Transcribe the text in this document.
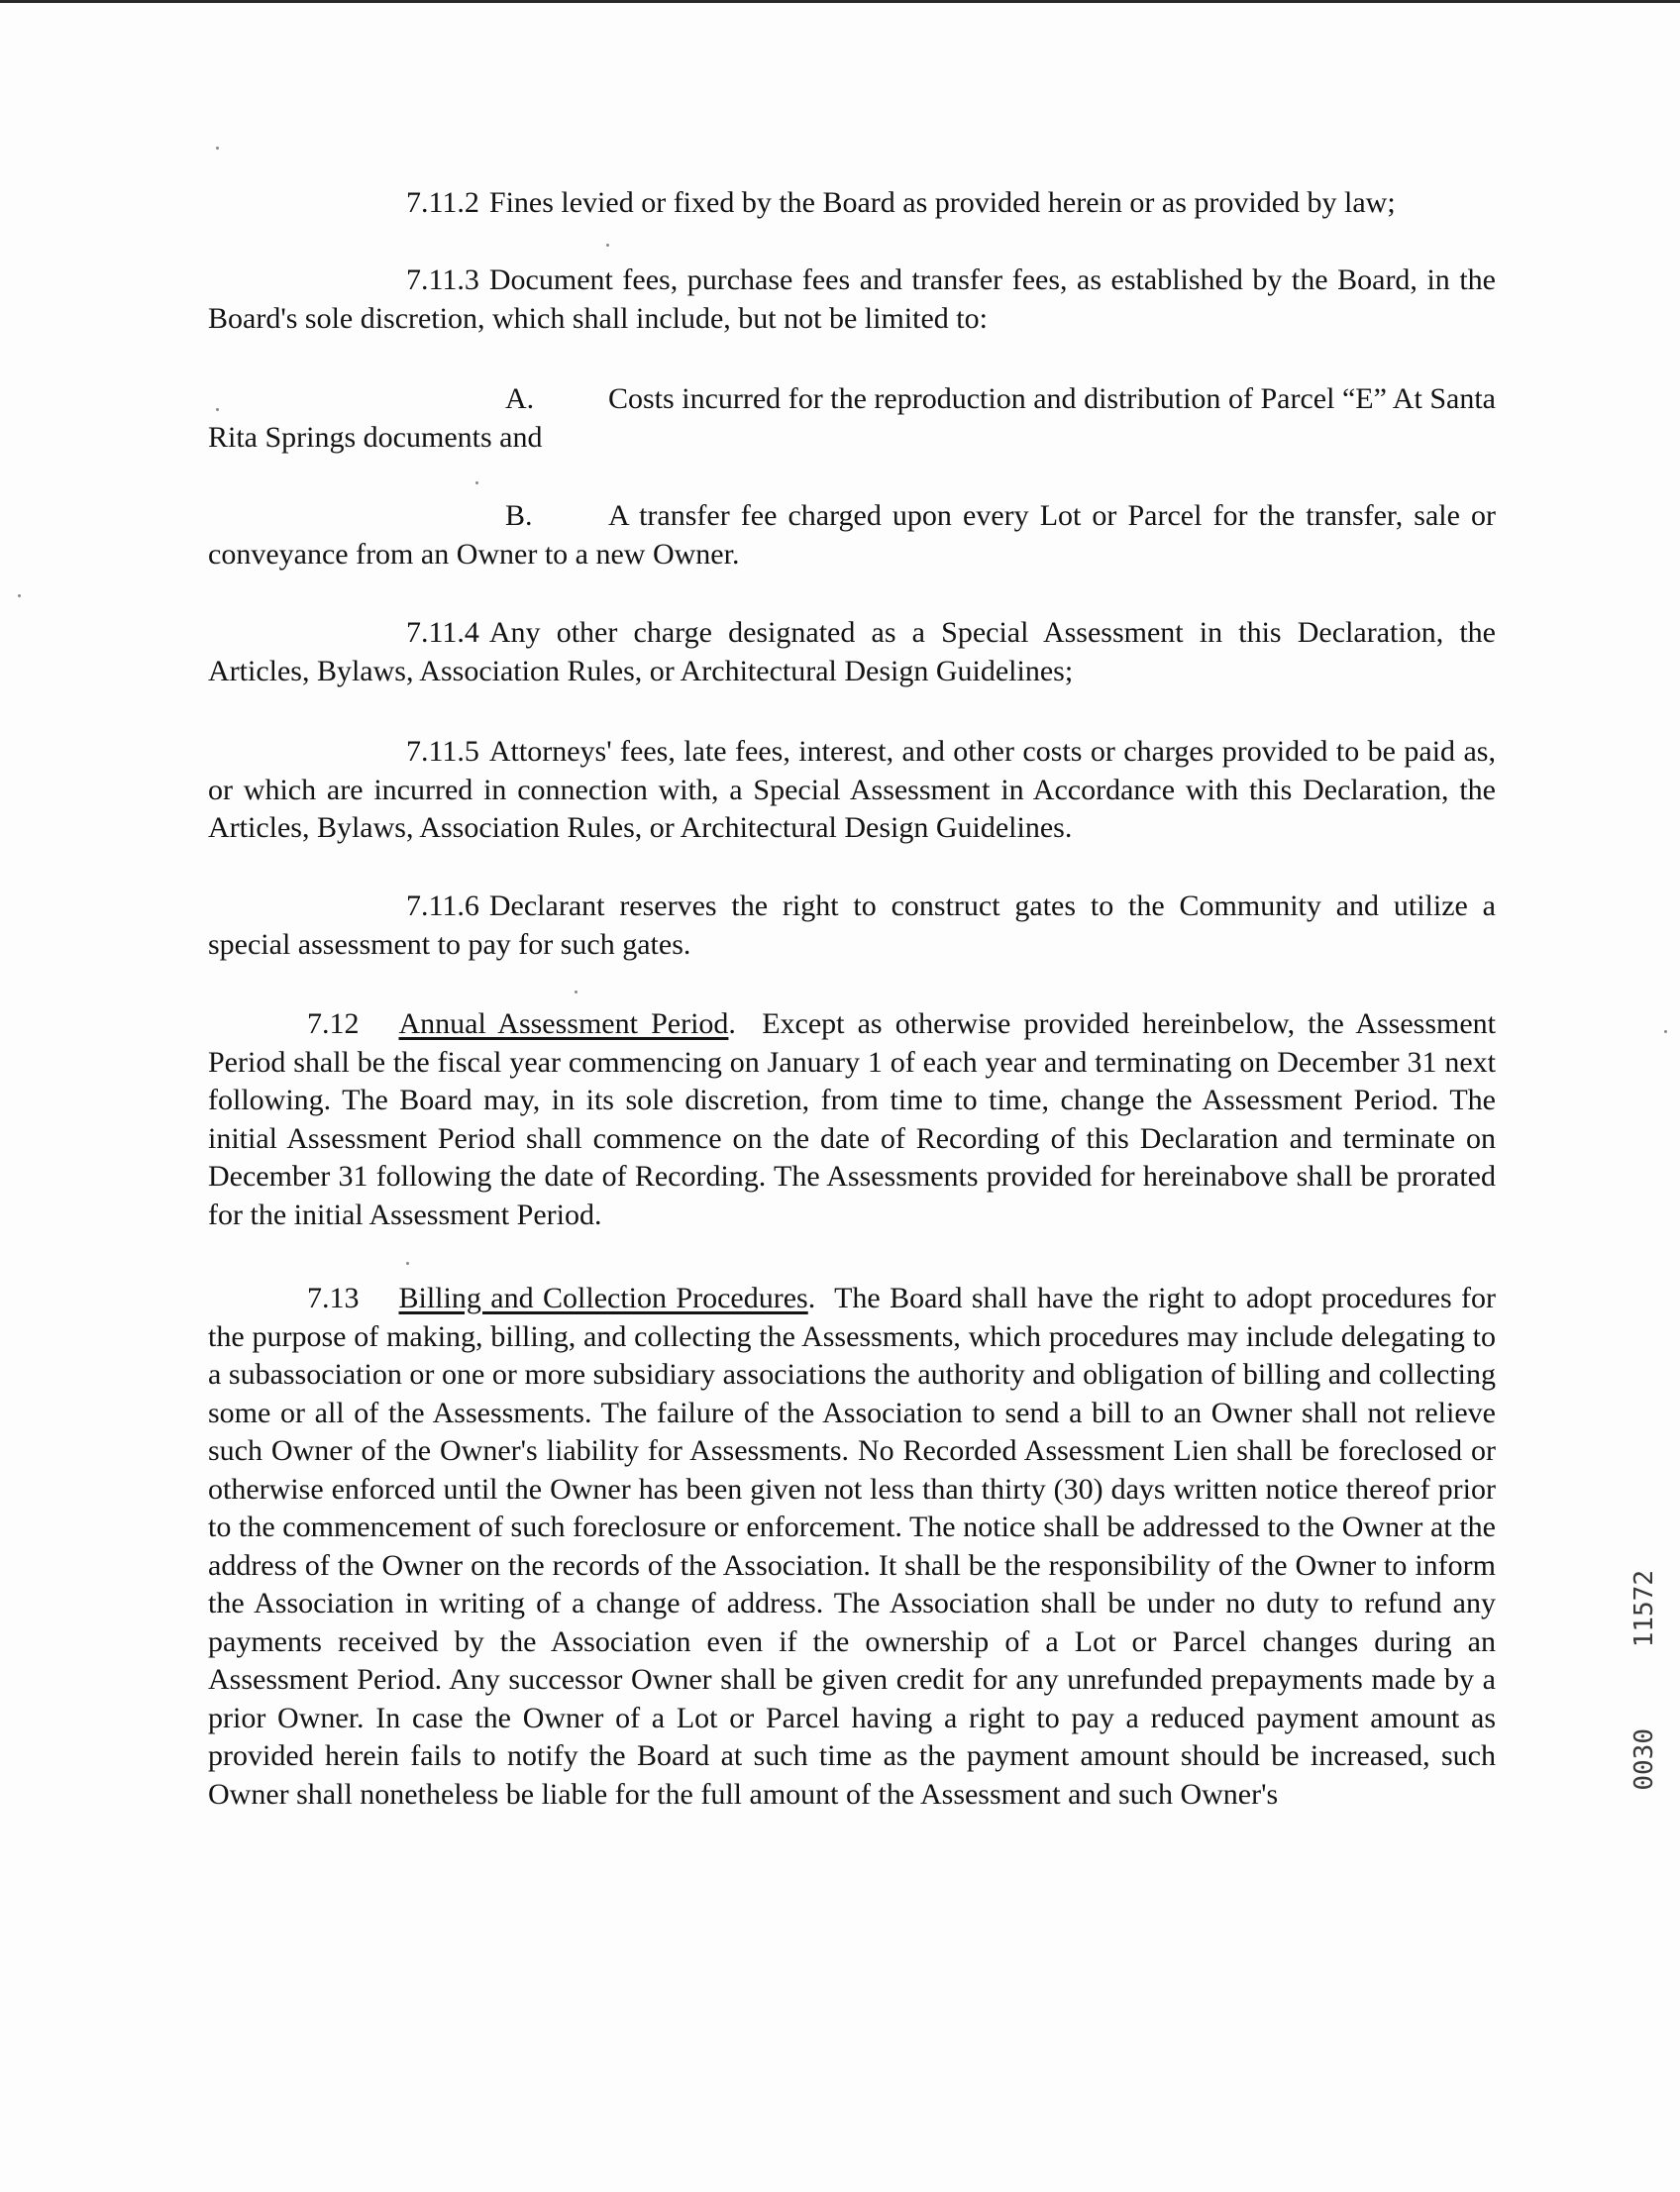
7.11.2 Fines levied or fixed by the Board as provided herein or as provided by law;

7.11.3 Document fees, purchase fees and transfer fees, as established by the Board, in the Board's sole discretion, which shall include, but not be limited to:

A. Costs incurred for the reproduction and distribution of Parcel “E” At Santa Rita Springs documents and

B.	A transfer fee charged upon every Lot or Parcel for the transfer, sale or conveyance from an Owner to a new Owner.

7.11.4 Any other charge designated as a Special Assessment in this Declaration, the Articles, Bylaws, Association Rules, or Architectural Design Guidelines;

7.11.5 Attorneys' fees, late fees, interest, and other costs or charges provided to be paid as, or which are incurred in connection with, a Special Assessment in Accordance with this Declaration, the Articles, Bylaws, Association Rules, or Architectural Design Guidelines.

7.11.6 Declarant reserves the right to construct gates to the Community and utilize a special assessment to pay for such gates.

7.12 Annual Assessment Period.  Except as otherwise provided hereinbelow, the Assessment Period shall be the fiscal year commencing on January 1 of each year and terminating on December 31 next following. The Board may, in its sole discretion, from time to time, change the Assessment Period. The initial Assessment Period shall commence on the date of Recording of this Declaration and terminate on December 31 following the date of Recording. The Assessments provided for hereinabove shall be prorated for the initial Assessment Period.

7.13 Billing and Collection Procedures.  The Board shall have the right to adopt procedures for the purpose of making, billing, and collecting the Assessments, which procedures may include delegating to a subassociation or one or more subsidiary associations the authority and obligation of billing and collecting some or all of the Assessments. The failure of the Association to send a bill to an Owner shall not relieve such Owner of the Owner's liability for Assessments. No Recorded Assessment Lien shall be foreclosed or otherwise enforced until the Owner has been given not less than thirty (30) days written notice thereof prior to the commencement of such foreclosure or enforcement. The notice shall be addressed to the Owner at the address of the Owner on the records of the Association. It shall be the responsibility of the Owner to inform the Association in writing of a change of address. The Association shall be under no duty to refund any payments received by the Association even if the ownership of a Lot or Parcel changes during an Assessment Period. Any successor Owner shall be given credit for any unrefunded prepayments made by a prior Owner. In case the Owner of a Lot or Parcel having a right to pay a reduced payment amount as provided herein fails to notify the Board at such time as the payment amount should be increased, such Owner shall nonetheless be liable for the full amount of the Assessment and such Owner's

11572
0030
